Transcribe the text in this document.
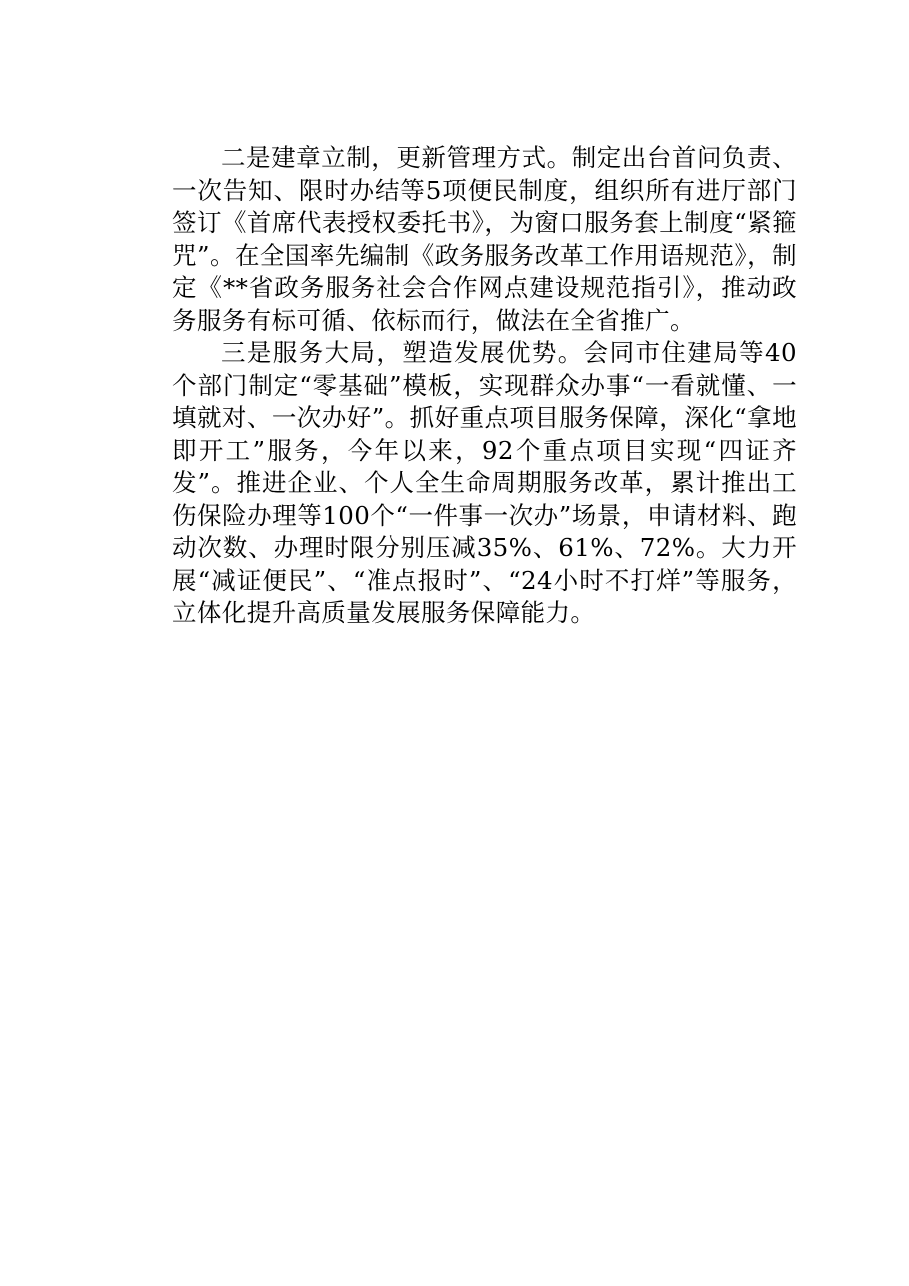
二是建章立制，更新管理方式。制定出台首问负责、一次告知、限时办结等5项便民制度，组织所有进厅部门签订《首席代表授权委托书》，为窗口服务套上制度“紧箍咒”。在全国率先编制《政务服务改革工作用语规范》，制定《**省政务服务社会合作网点建设规范指引》，推动政务服务有标可循、依标而行，做法在全省推广。

三是服务大局，塑造发展优势。会同市住建局等40个部门制定“零基础”模板，实现群众办事“一看就懂、一填就对、一次办好”。抓好重点项目服务保障，深化“拿地即开工”服务，今年以来，92个重点项目实现“四证齐发”。推进企业、个人全生命周期服务改革，累计推出工伤保险办理等100个“一件事一次办”场景，申请材料、跑动次数、办理时限分别压减35%、61%、72%。大力开展“减证便民”、“准点报时”、“24小时不打烊”等服务，立体化提升高质量发展服务保障能力。
